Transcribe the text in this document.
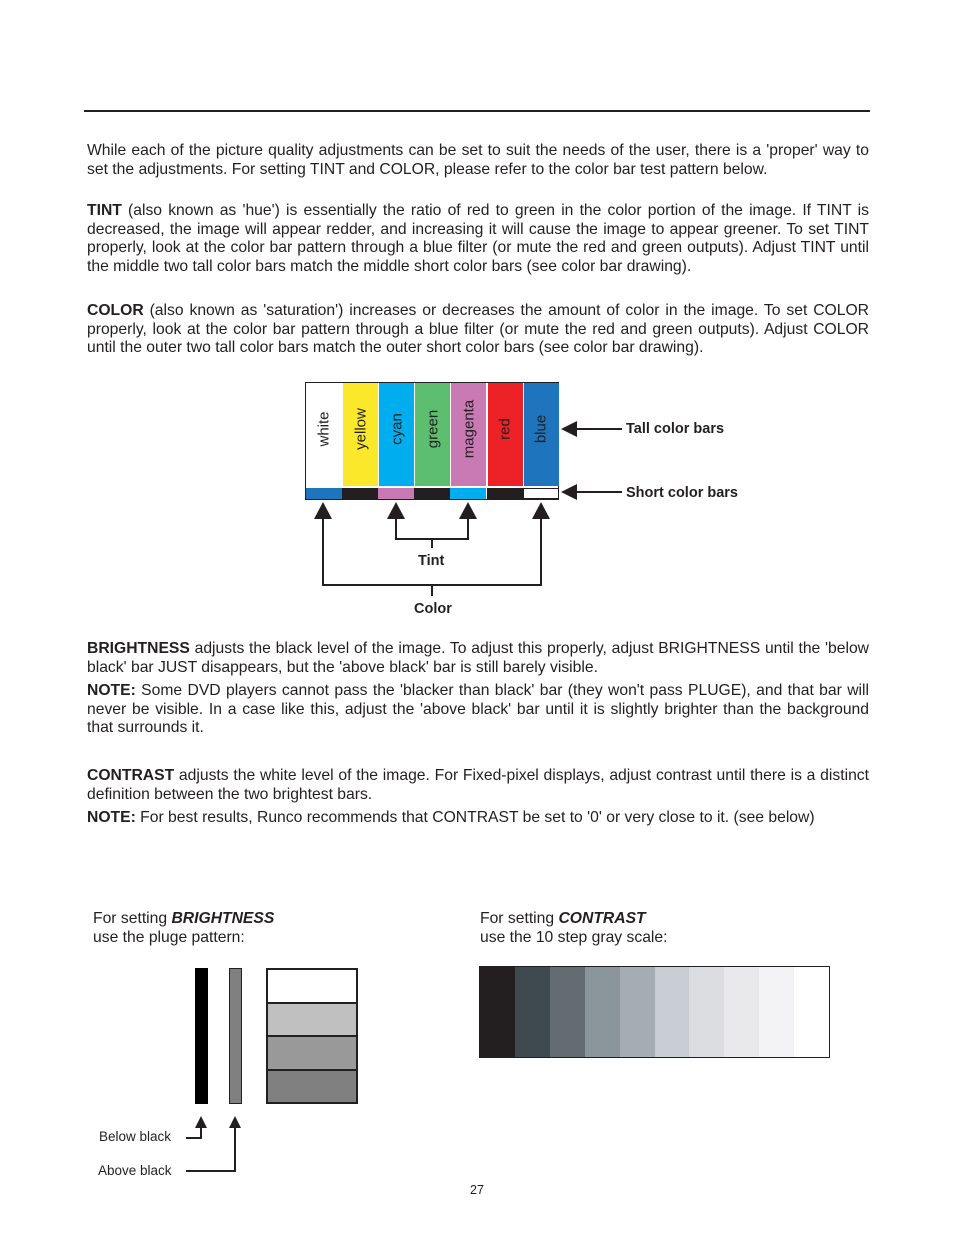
While each of the picture quality adjustments can be set to suit the needs of the user, there is a 'proper' way to set the adjustments. For setting TINT and COLOR, please refer to the color bar test pattern below.

TINT (also known as 'hue') is essentially the ratio of red to green in the color portion of the image. If TINT is decreased, the image will appear redder, and increasing it will cause the image to appear greener. To set TINT properly, look at the color bar pattern through a blue filter (or mute the red and green outputs). Adjust TINT until the middle two tall color bars match the middle short color bars (see color bar drawing).

COLOR (also known as 'saturation') increases or decreases the amount of color in the image. To set COLOR properly, look at the color bar pattern through a blue filter (or mute the red and green outputs). Adjust COLOR until the outer two tall color bars match the outer short color bars (see color bar drawing).

white yellow cyan green magenta red blue	Tall color bars
Short color bars
Tint
Color

BRIGHTNESS adjusts the black level of the image. To adjust this properly, adjust BRIGHTNESS until the 'below black' bar JUST disappears, but the 'above black' bar is still barely visible.

NOTE: Some DVD players cannot pass the 'blacker than black' bar (they won't pass PLUGE), and that bar will never be visible. In a case like this, adjust the 'above black' bar until it is slightly brighter than the background that surrounds it.

CONTRAST adjusts the white level of the image. For Fixed-pixel displays, adjust contrast until there is a distinct definition between the two brightest bars.

NOTE: For best results, Runco recommends that CONTRAST be set to '0' or very close to it. (see below)

For setting BRIGHTNESS
use the pluge pattern:
For setting CONTRAST
use the 10 step gray scale:
Below black
Above black
27
